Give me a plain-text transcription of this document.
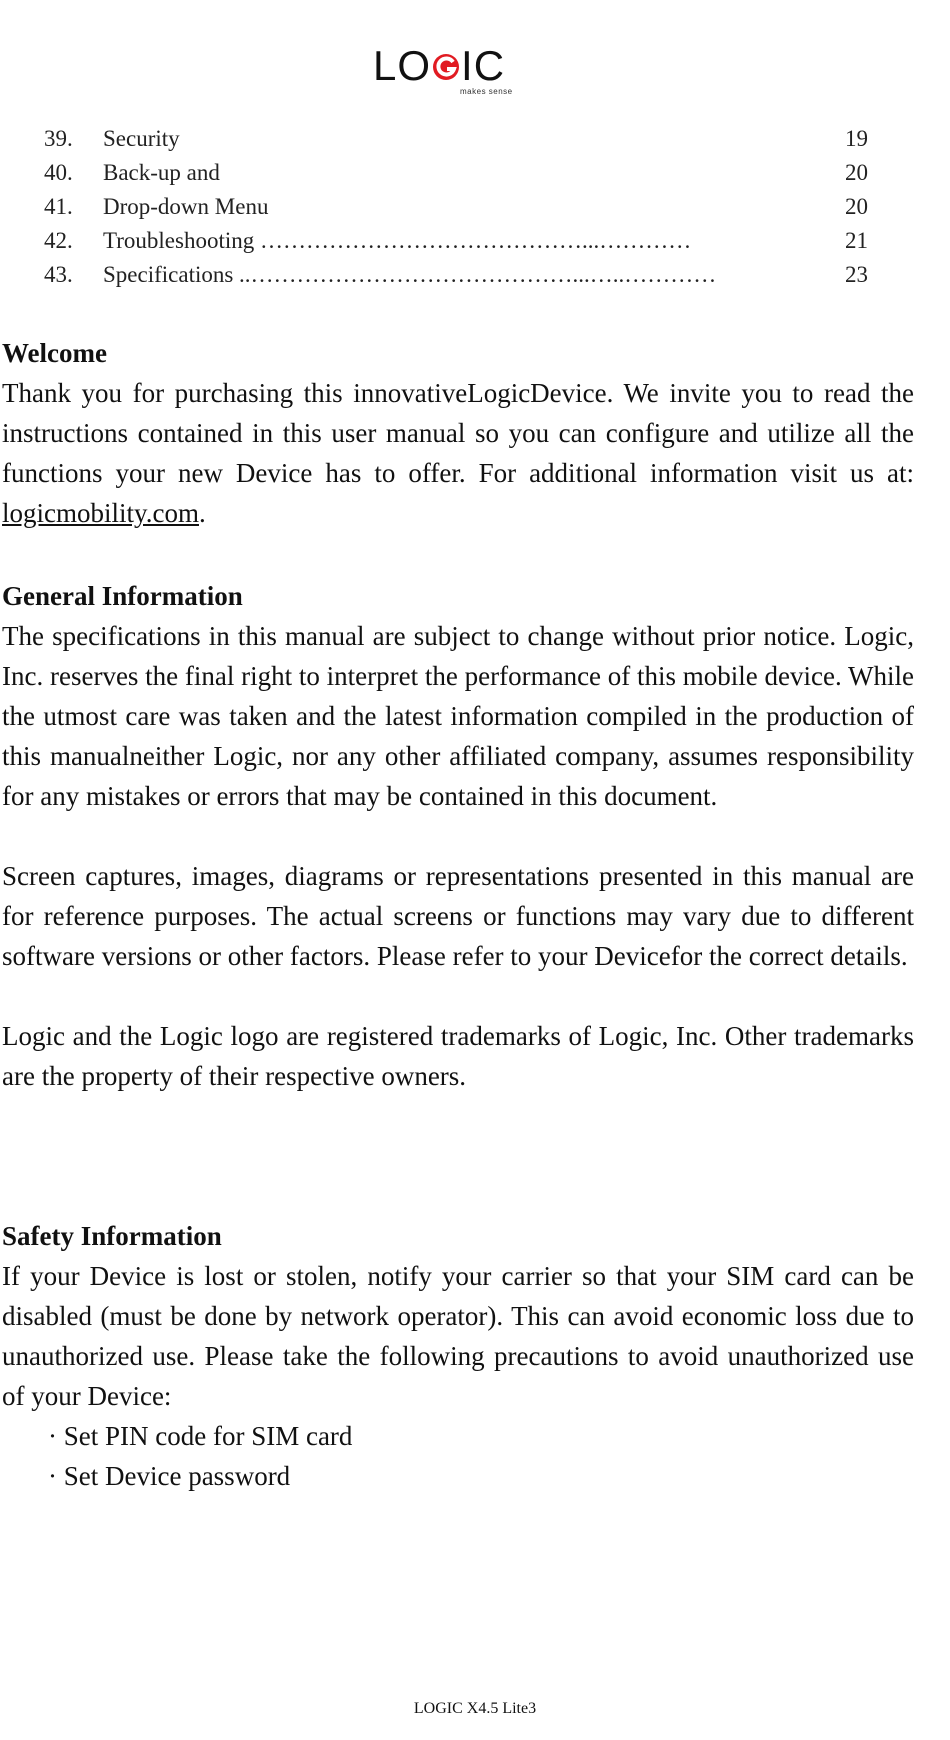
LO IC
makes sense
39. Security	19
40. Back-up and	20
41. Drop-down Menu	20
42. Troubleshooting ……………………………………...…………	21
43. Specifications ..……………………………………...…..…………	23
Welcome
Thank you for purchasing this innovativeLogicDevice. We invite you to read the instructions contained in this user manual so you can configure and utilize all the functions your new Device has to offer. For additional information visit us at: logicmobility.com.
General Information
The specifications in this manual are subject to change without prior notice. Logic, Inc. reserves the final right to interpret the performance of this mobile device. While the utmost care was taken and the latest information compiled in the production of this manualneither Logic, nor any other affiliated company, assumes responsibility for any mistakes or errors that may be contained in this document.
Screen captures, images, diagrams or representations presented in this manual are for reference purposes. The actual screens or functions may vary due to different software versions or other factors. Please refer to your Devicefor the correct details.
Logic and the Logic logo are registered trademarks of Logic, Inc. Other trademarks are the property of their respective owners.
Safety Information
If your Device is lost or stolen, notify your carrier so that your SIM card can be disabled (must be done by network operator). This can avoid economic loss due to unauthorized use. Please take the following precautions to avoid unauthorized use of your Device:
· Set PIN code for SIM card
· Set Device password
LOGIC X4.5 Lite3
